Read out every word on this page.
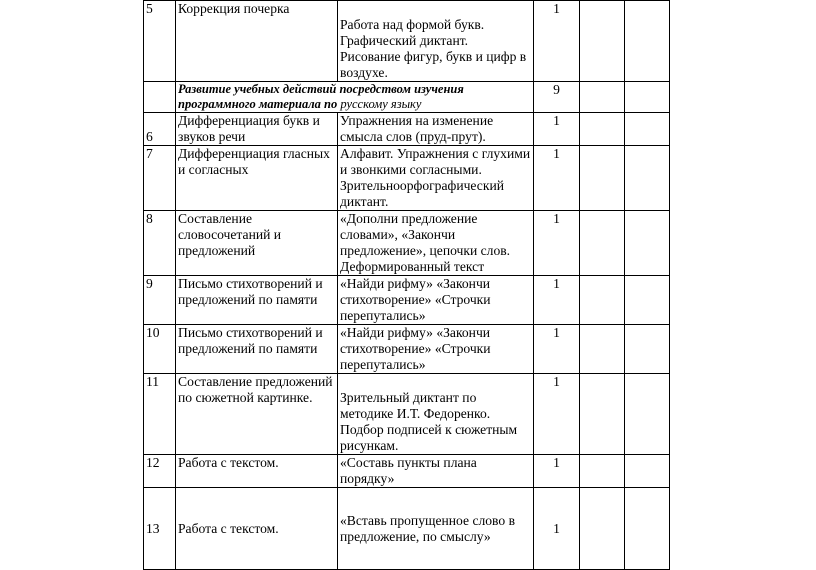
5	Коррекция почерка	Работа над формой букв. Графический диктант. Рисование фигур, букв и цифр в воздухе.	1		
	Развитие учебных действий посредством изучения программного материала по русскому языку		9		

6	Дифференциация букв и звуков речи	Упражнения на изменение смысла слов (пруд-прут).	1		
7	Дифференциация гласных и согласных	Алфавит. Упражнения с глухими и звонкими согласными. Зрительноорфографический диктант.	1		
8	Составление словосочетаний и предложений	«Дополни предложение словами», «Закончи предложение», цепочки слов. Деформированный текст	1		
9	Письмо стихотворений и предложений по памяти	«Найди рифму» «Закончи стихотворение» «Строчки перепутались»	1		
10	Письмо стихотворений и предложений по памяти	«Найди рифму» «Закончи стихотворение» «Строчки перепутались»	1		
11	Составление предложений по сюжетной картинке.	Зрительный диктант по методике И.Т. Федоренко. Подбор подписей к сюжетным рисункам.	1		
12	Работа с текстом.	«Составь пункты плана порядку»	1		
13	Работа с текстом.	«Вставь пропущенное слово в предложение, по смыслу»	1		
